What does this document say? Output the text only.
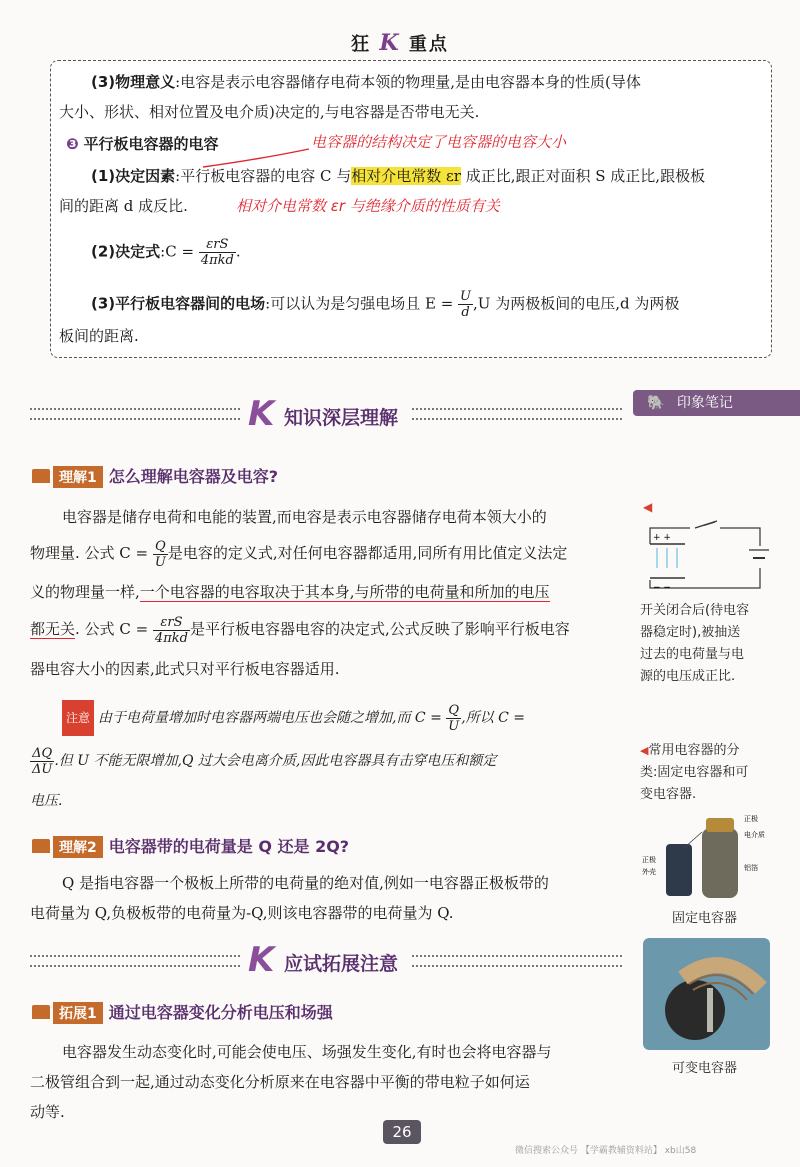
狂 K 重点
(3)物理意义:电容是表示电容器储存电荷本领的物理量,是由电容器本身的性质(导体
大小、形状、相对位置及电介质)决定的,与电容器是否带电无关.
❸ 平行板电容器的电容	电容器的结构决定了电容器的电容大小
(1)决定因素:平行板电容器的电容 C 与相对介电常数 εr 成正比,跟正对面积 S 成正比,跟极板
间的距离 d 成反比.	相对介电常数 εr 与绝缘介质的性质有关
(2)决定式:C = $\frac{\text{εrS}}{\text{4πkd}}$ .
(3)平行板电容器间的电场:可以认为是匀强电场且 $E = \frac{U}{d} ,U$ 为两极板间的电压,d 为两极
板间的距离.
K 知识深层理解
🐘 印象笔记
理解1 怎么理解电容器及电容?
电容器是储存电荷和电能的装置,而电容是表示电容器储存电荷本领大小的
物理量. 公式 $C = \frac{Q}{U}$ 是电容的定义式,对任何电容器都适用,同所有用比值定义法定
义的物理量一样,一个电容器的电容取决于其本身,与所带的电荷量和所加的电压
都无关. 公式 $C = \frac{\text{εrS}}{\text{4πkd}}$ 是平行板电容器电容的决定式,公式反映了影响平行板电容
器电容大小的因素,此式只对平行板电容器适用.
注意 由于电荷量增加时电容器两端电压也会随之增加,而 $C = \frac{Q}{U}$ ,所以 C =
$\frac{\Delta Q}{\Delta U}$ .但 U 不能无限增加,Q 过大会电离介质,因此电容器具有击穿电压和额定
电压.
理解2 电容器带的电荷量是 Q 还是 2Q?
Q 是指电容器一个极板上所带的电荷量的绝对值,例如一电容器正极板带的
电荷量为 Q,负极板带的电荷量为-Q,则该电容器带的电荷量为 Q.
K 应试拓展注意
拓展1 通过电容器变化分析电压和场强
电容器发生动态变化时,可能会使电压、场强发生变化,有时也会将电容器与
二极管组合到一起,通过动态变化分析原来在电容器中平衡的带电粒子如何运
动等.
◀
+ +
− −
开关闭合后(待电容
器稳定时),被抽送
过去的电荷量与电
源的电压成正比.
◀常用电容器的分
类:固定电容器和可
变电容器.
正极
电介质
铝箔
正极
外壳
固定电容器
可变电容器
26
微信搜索公众号 【学霸教辅资料站】 xb山58
